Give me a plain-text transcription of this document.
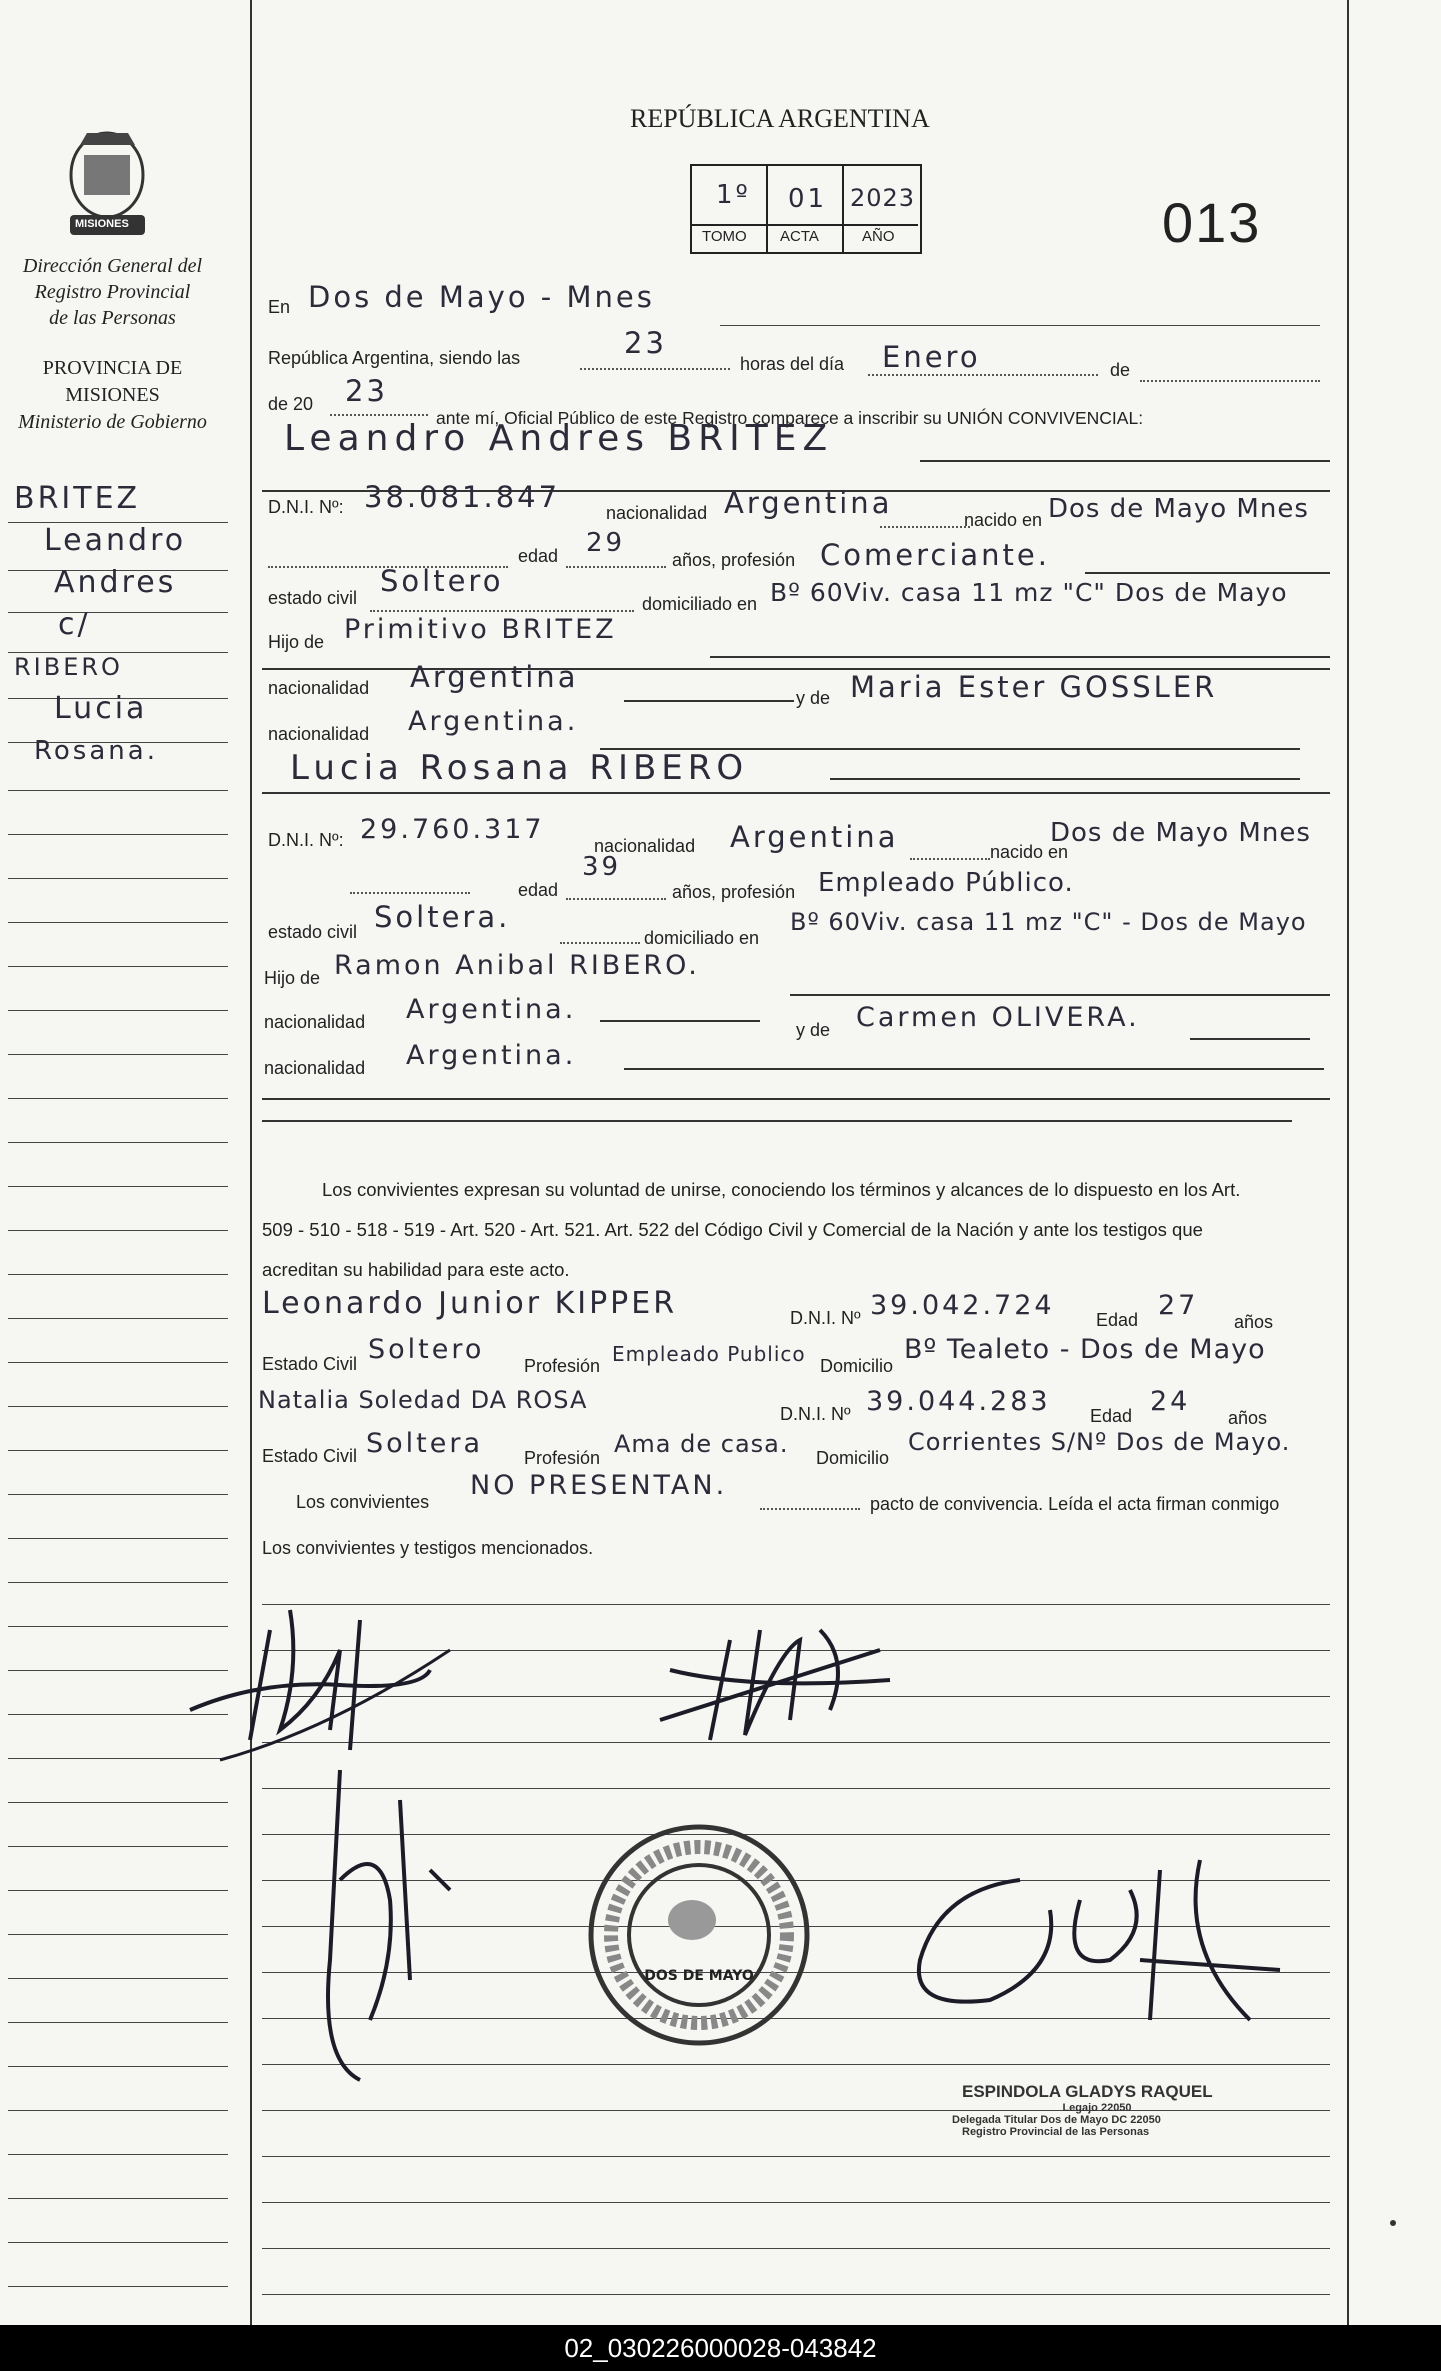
MISIONES
Dirección General del
Registro Provincial
de las Personas
PROVINCIA DE
MISIONES
Ministerio de Gobierno
BRITEZ
Leandro
Andres
c/
RIBERO
Lucia
Rosana.
REPÚBLICA ARGENTINA
1º 01 2023
TOMO ACTA	AÑO	013
En Dos de Mayo - Mnes
República Argentina, siendo las	23
horas del día Enero	de
de 20 23
ante mí, Oficial Público de este Registro comparece a inscribir su UNIÓN CONVIVENCIAL:
Leandro Andres BRITEZ
D.N.I. Nº: 38.081.847	nacionalidad Argentina	nacido en Dos de Mayo Mnes
edad 29
años, profesión Comerciante.
estado civil Soltero
domiciliado en Bº 60Viv. casa 11 mz "C" Dos de Mayo
Hijo de Primitivo BRITEZ
nacionalidad Argentina
y de Maria Ester GOSSLER
nacionalidad Argentina.
Lucia Rosana RIBERO
D.N.I. Nº: 29.760.317
nacionalidad Argentina	nacido en
Dos de Mayo Mnes
edad
39
años, profesión Empleado Público.
estado civil Soltera.
domiciliado en
Bº 60Viv. casa 11 mz "C" - Dos de Mayo
Hijo de Ramon Anibal RIBERO.
nacionalidad Argentina.
y de Carmen OLIVERA.
nacionalidad Argentina.
Los convivientes expresan su voluntad de unirse, conociendo los términos y alcances de lo dispuesto en los Art.
509 - 510 - 518 - 519 - Art. 520 - Art. 521. Art. 522 del Código Civil y Comercial de la Nación y ante los testigos que
acreditan su habilidad para este acto.
Leonardo Junior KIPPER	D.N.I. Nº 39.042.724 Edad 27
años
Estado Civil Soltero
Profesión Empleado Publico Domicilio
Bº Tealeto - Dos de Mayo
Natalia Soledad DA ROSA	D.N.I. Nº 39.044.283 Edad 24
años
Estado Civil Soltera Profesión Ama de casa. Domicilio
Corrientes S/Nº Dos de Mayo.
Los convivientes
NO PRESENTAN.
pacto de convivencia. Leída el acta firman conmigo
Los convivientes y testigos mencionados.
DOS DE MAYO
ESPINDOLA GLADYS RAQUEL
Legajo 22050
Delegada Titular Dos de Mayo DC 22050
Registro Provincial de las Personas
02_030226000028-043842
